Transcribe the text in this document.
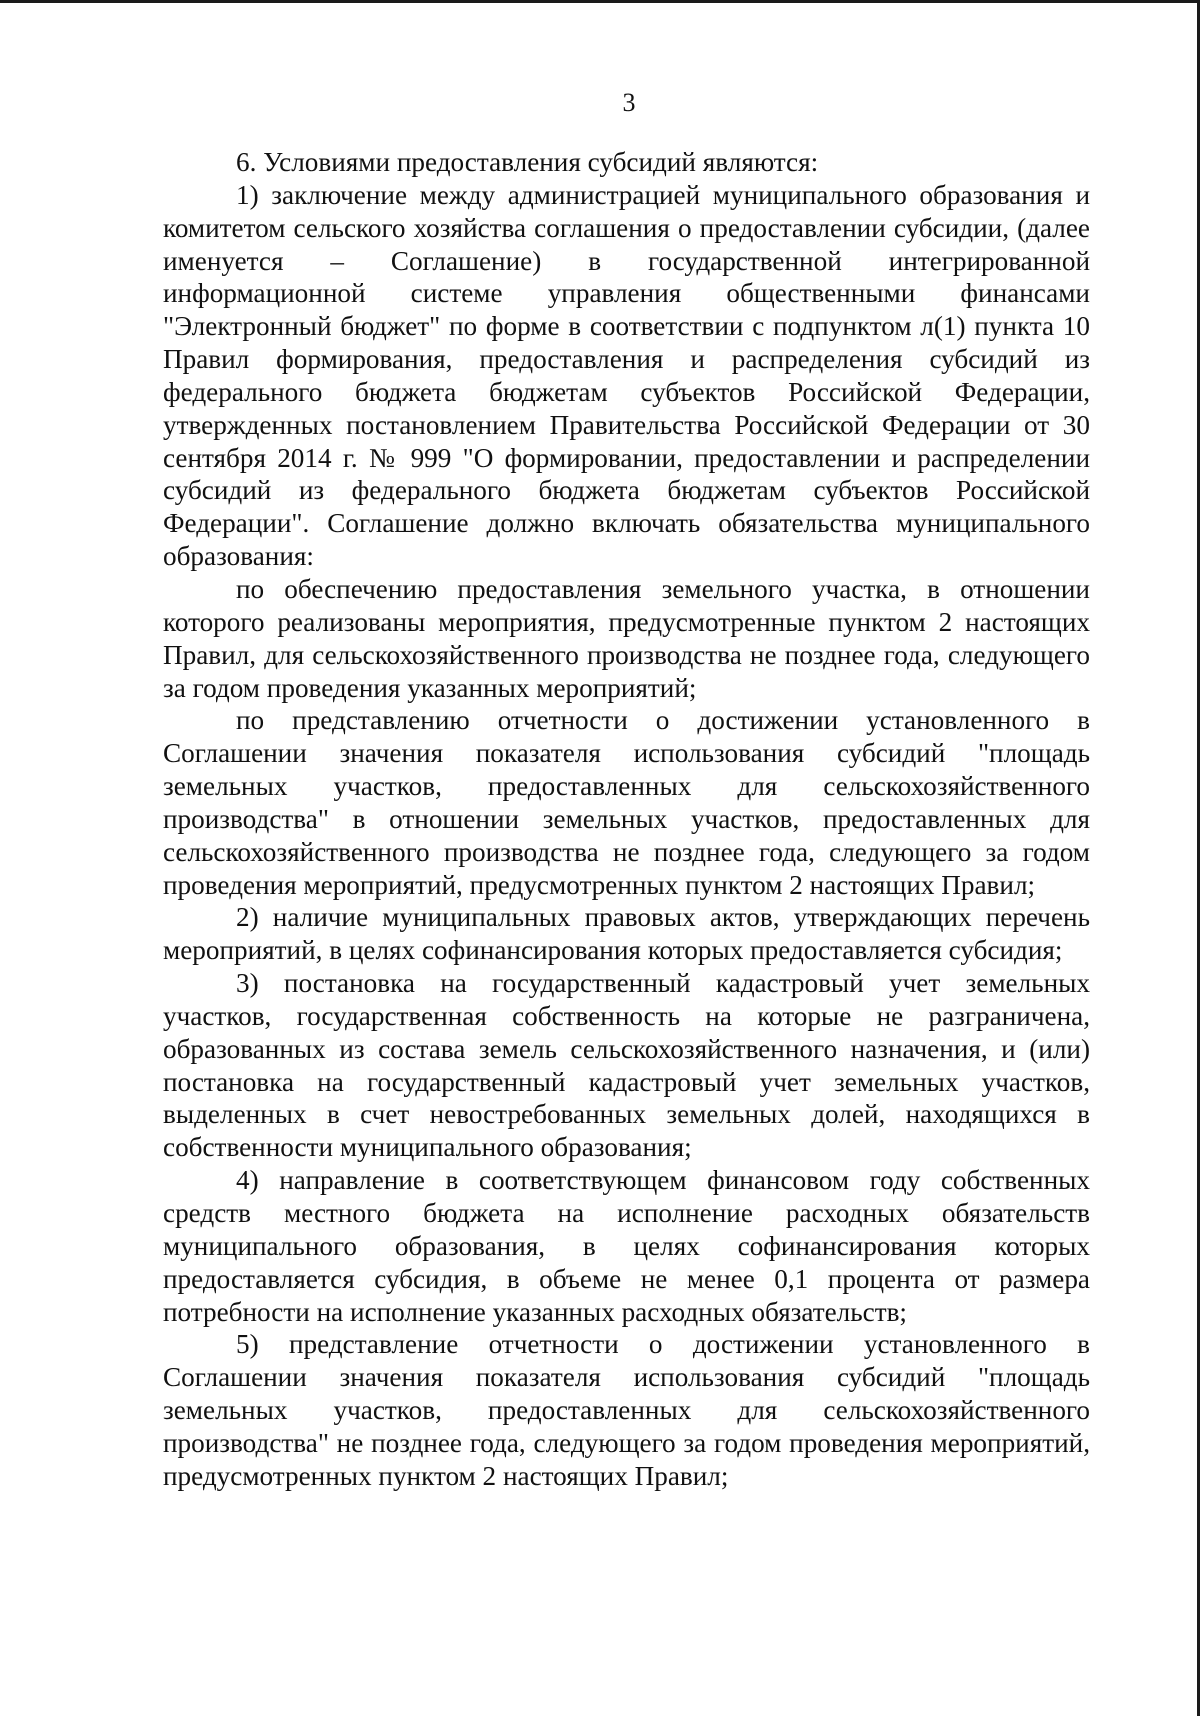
3

6. Условиями предоставления субсидий являются:

1) заключение между администрацией муниципального образования и комитетом сельского хозяйства соглашения о предоставлении субсидии, (далее именуется – Соглашение) в государственной интегрированной информационной системе управления общественными финансами "Электронный бюджет" по форме в соответствии с подпунктом л(1) пункта 10 Правил формирования, предоставления и распределения субсидий из федерального бюджета бюджетам субъектов Российской Федерации, утвержденных постановлением Правительства Российской Федерации от 30 сентября 2014 г. № 999 "О формировании, предоставлении и распределении субсидий из федерального бюджета бюджетам субъектов Российской Федерации". Соглашение должно включать обязательства муниципального образования:

по обеспечению предоставления земельного участка, в отношении которого реализованы мероприятия, предусмотренные пунктом 2 настоящих Правил, для сельскохозяйственного производства не позднее года, следующего за годом проведения указанных мероприятий;

по представлению отчетности о достижении установленного в Соглашении значения показателя использования субсидий "площадь земельных участков, предоставленных для сельскохозяйственного производства" в отношении земельных участков, предоставленных для сельскохозяйственного производства не позднее года, следующего за годом проведения мероприятий, предусмотренных пунктом 2 настоящих Правил;

2) наличие муниципальных правовых актов, утверждающих перечень мероприятий, в целях софинансирования которых предоставляется субсидия;

3) постановка на государственный кадастровый учет земельных участков, государственная собственность на которые не разграничена, образованных из состава земель сельскохозяйственного назначения, и (или) постановка на государственный кадастровый учет земельных участков, выделенных в счет невостребованных земельных долей, находящихся в собственности муниципального образования;

4) направление в соответствующем финансовом году собственных средств местного бюджета на исполнение расходных обязательств муниципального образования, в целях софинансирования которых предоставляется субсидия, в объеме не менее 0,1 процента от размера потребности на исполнение указанных расходных обязательств;

5) представление отчетности о достижении установленного в Соглашении значения показателя использования субсидий "площадь земельных участков, предоставленных для сельскохозяйственного производства" не позднее года, следующего за годом проведения мероприятий, предусмотренных пунктом 2 настоящих Правил;
